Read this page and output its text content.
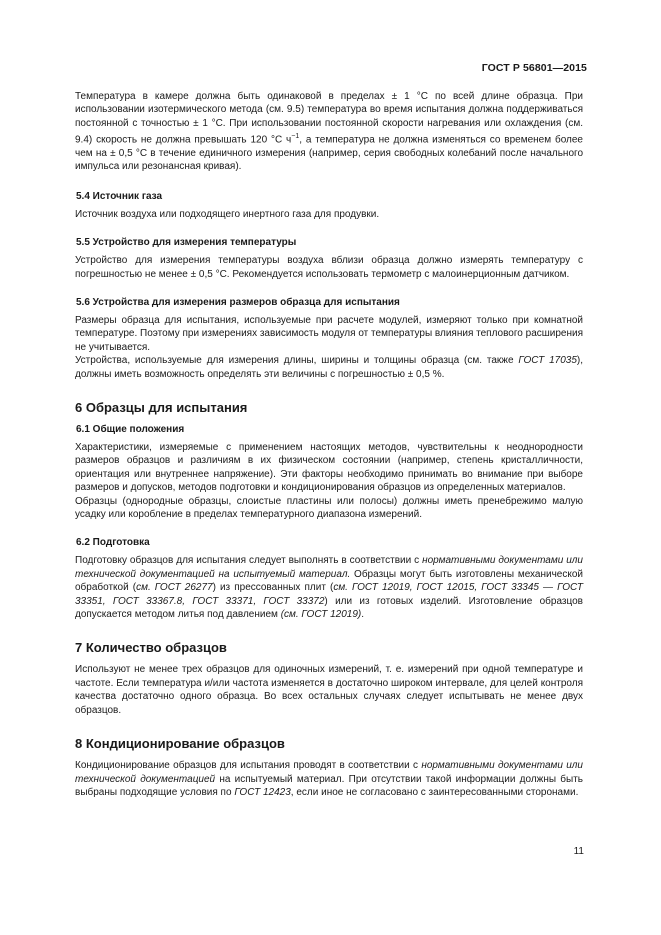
ГОСТ Р 56801—2015

Температура в камере должна быть одинаковой в пределах ± 1 °С по всей длине образца. При использовании изотермического метода (см. 9.5) температура во время испытания должна поддерживаться постоянной с точностью ± 1 °С. При использовании постоянной скорости нагревания или охлаждения (см. 9.4) скорость не должна превышать 120 °С $ч^{-1}$, а температура не должна изменяться со временем более чем на ± 0,5 °С в течение единичного измерения (например, серия свободных колебаний после начального импульса или резонансная кривая).

5.4 Источник газа

Источник воздуха или подходящего инертного газа для продувки.

5.5 Устройство для измерения температуры

Устройство для измерения температуры воздуха вблизи образца должно измерять температуру с погрешностью не менее ± 0,5 °С. Рекомендуется использовать термометр с малоинерционным датчиком.

5.6 Устройства для измерения размеров образца для испытания

Размеры образца для испытания, используемые при расчете модулей, измеряют только при комнатной температуре. Поэтому при измерениях зависимость модуля от температуры влияния теплового расширения не учитывается.

Устройства, используемые для измерения длины, ширины и толщины образца (см. также ГОСТ 17035), должны иметь возможность определять эти величины с погрешностью ± 0,5 %.

6 Образцы для испытания
6.1 Общие положения

Характеристики, измеряемые с применением настоящих методов, чувствительны к неоднородности размеров образцов и различиям в их физическом состоянии (например, степень кристалличности, ориентация или внутреннее напряжение). Эти факторы необходимо принимать во внимание при выборе размеров и допусков, методов подготовки и кондиционирования образцов из определенных материалов.

Образцы (однородные образцы, слоистые пластины или полосы) должны иметь пренебрежимо малую усадку или коробление в пределах температурного диапазона измерений.

6.2 Подготовка

Подготовку образцов для испытания следует выполнять в соответствии с нормативными документами или технической документацией на испытуемый материал. Образцы могут быть изготовлены механической обработкой (см. ГОСТ 26277) из прессованных плит (см. ГОСТ 12019, ГОСТ 12015, ГОСТ 33345 — ГОСТ 33351, ГОСТ 33367.8, ГОСТ 33371, ГОСТ 33372) или из готовых изделий. Изготовление образцов допускается методом литья под давлением (см. ГОСТ 12019).

7 Количество образцов

Используют не менее трех образцов для одиночных измерений, т. е. измерений при одной температуре и частоте. Если температура и/или частота изменяется в достаточно широком интервале, для целей контроля качества достаточно одного образца. Во всех остальных случаях следует испытывать не менее двух образцов.

8 Кондиционирование образцов

Кондиционирование образцов для испытания проводят в соответствии с нормативными документами или технической документацией на испытуемый материал. При отсутствии такой информации должны быть выбраны подходящие условия по ГОСТ 12423, если иное не согласовано с заинтересованными сторонами.

11
